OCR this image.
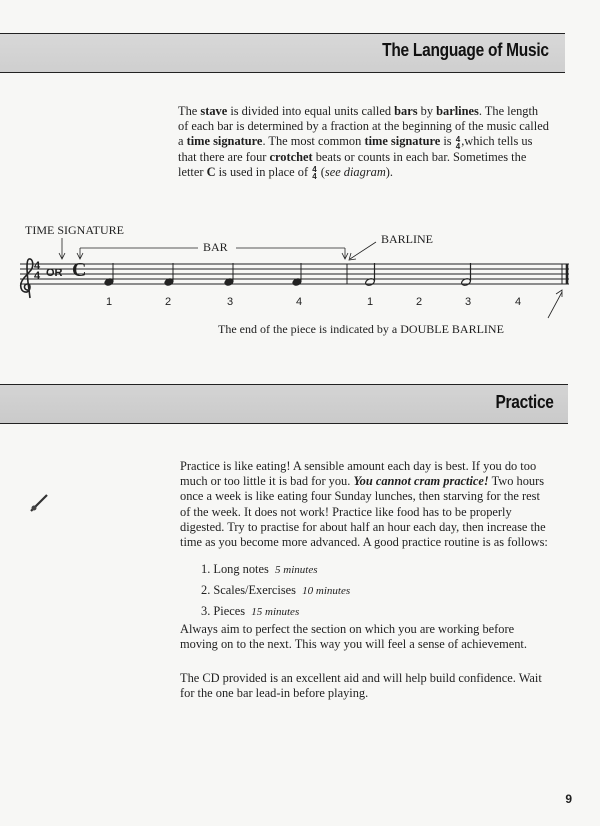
The Language of Music
The stave is divided into equal units called bars by barlines. The length of each bar is determined by a fraction at the beginning of the music called a time signature. The most common time signature is 4
4,which tells us that there are four crotchet beats or counts in each bar. Sometimes the letter C is used in place of 4
4 (see diagram).
TIME SIGNATURE
BAR
BARLINE
4
4 OR C
1	2	3	4	1	2	3	4
The end of the piece is indicated by a DOUBLE BARLINE
Practice
Practice is like eating! A sensible amount each day is best. If you do too much or too little it is bad for you. You cannot cram practice! Two hours once a week is like eating four Sunday lunches, then starving for the rest of the week. It does not work! Practice like food has to be properly digested. Try to practise for about half an hour each day, then increase the time as you become more advanced. A good practice routine is as follows:
1. Long notes 5 minutes
2. Scales/Exercises 10 minutes
3. Pieces 15 minutes
Always aim to perfect the section on which you are working before moving on to the next. This way you will feel a sense of achievement.
The CD provided is an excellent aid and will help build confidence. Wait for the one bar lead-in before playing.
9
